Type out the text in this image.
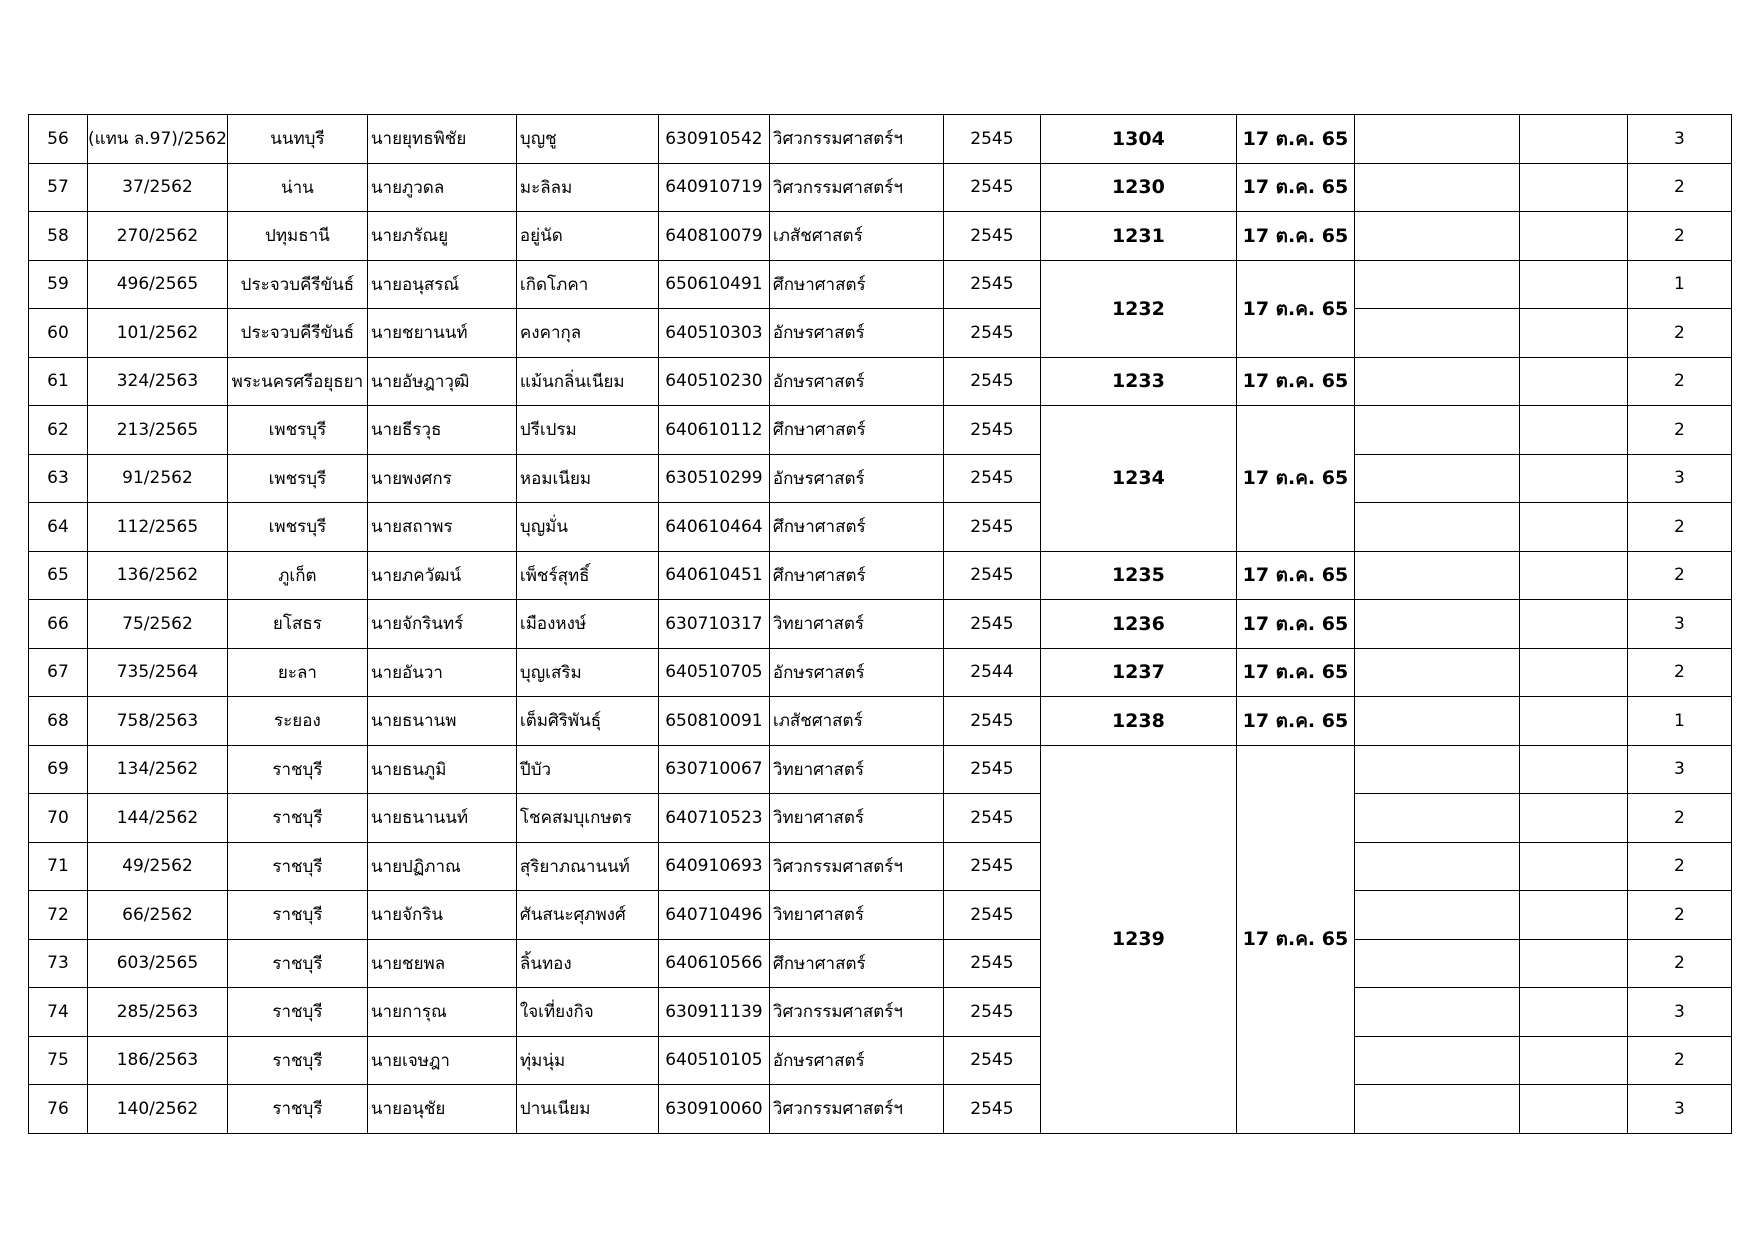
56	(แทน ล.97)/2562	นนทบุรี	นายยุทธพิชัย	บุญชู	630910542	วิศวกรรมศาสตร์ฯ	2545	1304	17 ต.ค. 65			3
57	37/2562	น่าน	นายภูวดล	มะลิลม	640910719	วิศวกรรมศาสตร์ฯ	2545	1230	17 ต.ค. 65			2
58	270/2562	ปทุมธานี	นายภรัณยู	อยู่นัด	640810079	เภสัชศาสตร์	2545	1231	17 ต.ค. 65			2
59	496/2565	ประจวบคีรีขันธ์	นายอนุสรณ์	เกิดโภคา	650610491	ศึกษาศาสตร์	2545	1232	17 ต.ค. 65			1
60	101/2562	ประจวบคีรีขันธ์	นายชยานนท์	คงคากุล	640510303	อักษรศาสตร์	2545					2
61	324/2563	พระนครศรีอยุธยา	นายอัษฎาวุฒิ	แม้นกลิ่นเนียม	640510230	อักษรศาสตร์	2545	1233	17 ต.ค. 65			2
62	213/2565	เพชรบุรี	นายธีรวุธ	ปรีเปรม	640610112	ศึกษาศาสตร์	2545	1234	17 ต.ค. 65			2
63	91/2562	เพชรบุรี	นายพงศกร	หอมเนียม	630510299	อักษรศาสตร์	2545					3
64	112/2565	เพชรบุรี	นายสถาพร	บุญมั่น	640610464	ศึกษาศาสตร์	2545					2
65	136/2562	ภูเก็ต	นายภควัฒน์	เพ็ชร์สุทธิ์	640610451	ศึกษาศาสตร์	2545	1235	17 ต.ค. 65			2
66	75/2562	ยโสธร	นายจักรินทร์	เมืองหงษ์	630710317	วิทยาศาสตร์	2545	1236	17 ต.ค. 65			3
67	735/2564	ยะลา	นายอันวา	บุญเสริม	640510705	อักษรศาสตร์	2544	1237	17 ต.ค. 65			2
68	758/2563	ระยอง	นายธนานพ	เต็มศิริพันธุ์	650810091	เภสัชศาสตร์	2545	1238	17 ต.ค. 65			1
69	134/2562	ราชบุรี	นายธนภูมิ	ปีบัว	630710067	วิทยาศาสตร์	2545	1239	17 ต.ค. 65			3
70	144/2562	ราชบุรี	นายธนานนท์	โชคสมบุเกษตร	640710523	วิทยาศาสตร์	2545					2
71	49/2562	ราชบุรี	นายปฏิภาณ	สุริยาภณานนท์	640910693	วิศวกรรมศาสตร์ฯ	2545					2
72	66/2562	ราชบุรี	นายจักริน	ศันสนะศุภพงศ์	640710496	วิทยาศาสตร์	2545					2
73	603/2565	ราชบุรี	นายชยพล	ลิ้นทอง	640610566	ศึกษาศาสตร์	2545					2
74	285/2563	ราชบุรี	นายการุณ	ใจเที่ยงกิจ	630911139	วิศวกรรมศาสตร์ฯ	2545					3
75	186/2563	ราชบุรี	นายเจษฎา	ทุ่มนุ่ม	640510105	อักษรศาสตร์	2545					2
76	140/2562	ราชบุรี	นายอนุชัย	ปานเนียม	630910060	วิศวกรรมศาสตร์ฯ	2545					3
